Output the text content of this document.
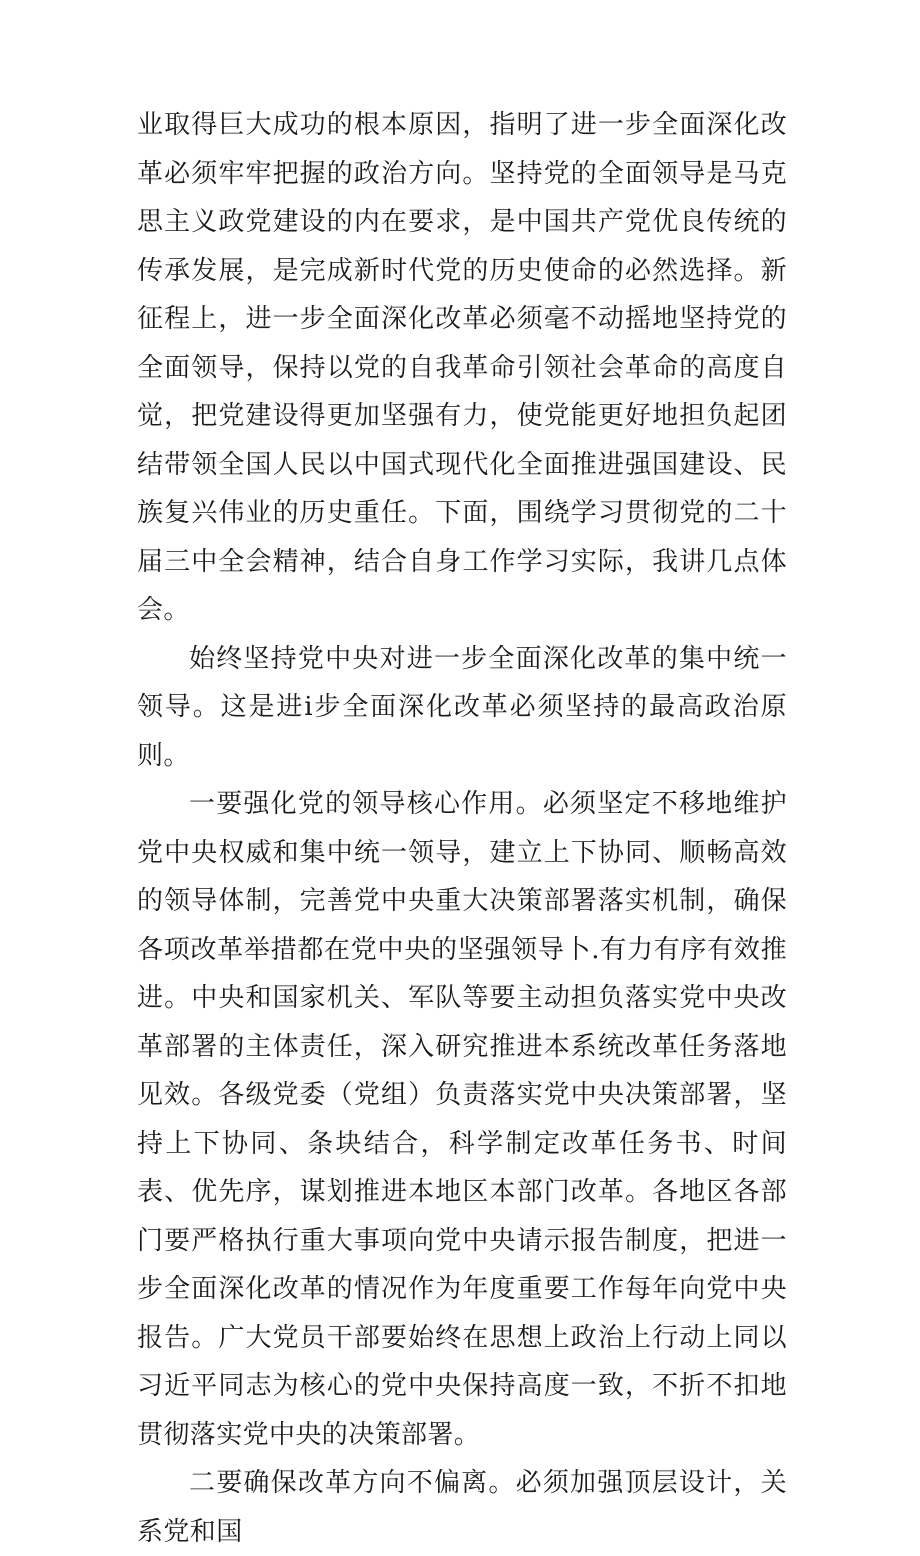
业取得巨大成功的根本原因，指明了进一步全面深化改革必须牢牢把握的政治方向。坚持党的全面领导是马克思主义政党建设的内在要求，是中国共产党优良传统的传承发展，是完成新时代党的历史使命的必然选择。新征程上，进一步全面深化改革必须毫不动摇地坚持党的全面领导，保持以党的自我革命引领社会革命的高度自觉，把党建设得更加坚强有力，使党能更好地担负起团结带领全国人民以中国式现代化全面推进强国建设、民族复兴伟业的历史重任。下面，围绕学习贯彻党的二十届三中全会精神，结合自身工作学习实际，我讲几点体会。

始终坚持党中央对进一步全面深化改革的集中统一领导。这是进i步全面深化改革必须坚持的最高政治原则。

一要强化党的领导核心作用。必须坚定不移地维护党中央权威和集中统一领导，建立上下协同、顺畅高效的领导体制，完善党中央重大决策部署落实机制，确保各项改革举措都在党中央的坚强领导卜.有力有序有效推进。中央和国家机关、军队等要主动担负落实党中央改革部署的主体责任，深入研究推进本系统改革任务落地见效。各级党委（党组）负责落实党中央决策部署，坚持上下协同、条块结合，科学制定改革任务书、时间表、优先序，谋划推进本地区本部门改革。各地区各部门要严格执行重大事项向党中央请示报告制度，把进一步全面深化改革的情况作为年度重要工作每年向党中央报告。广大党员干部要始终在思想上政治上行动上同以习近平同志为核心的党中央保持高度一致，不折不扣地贯彻落实党中央的决策部署。

二要确保改革方向不偏离。必须加强顶层设计，关系党和国
